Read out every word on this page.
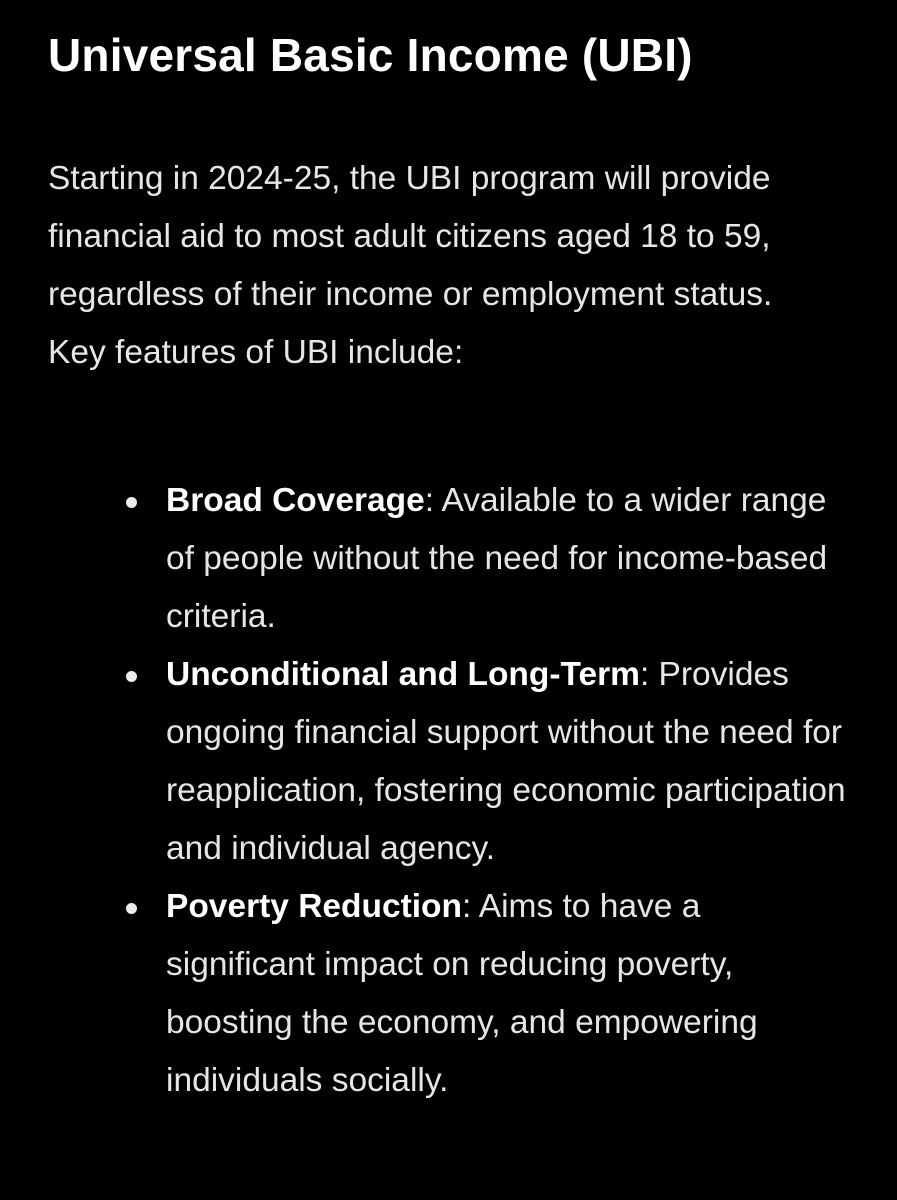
Universal Basic Income (UBI)

Starting in 2024-25, the UBI program will provide financial aid to most adult citizens aged 18 to 59, regardless of their income or employment status. Key features of UBI include:

Broad Coverage: Available to a wider range of people without the need for income-based criteria.
Unconditional and Long-Term: Provides ongoing financial support without the need for reapplication, fostering economic participation and individual agency.
Poverty Reduction: Aims to have a significant impact on reducing poverty, boosting the economy, and empowering individuals socially.
